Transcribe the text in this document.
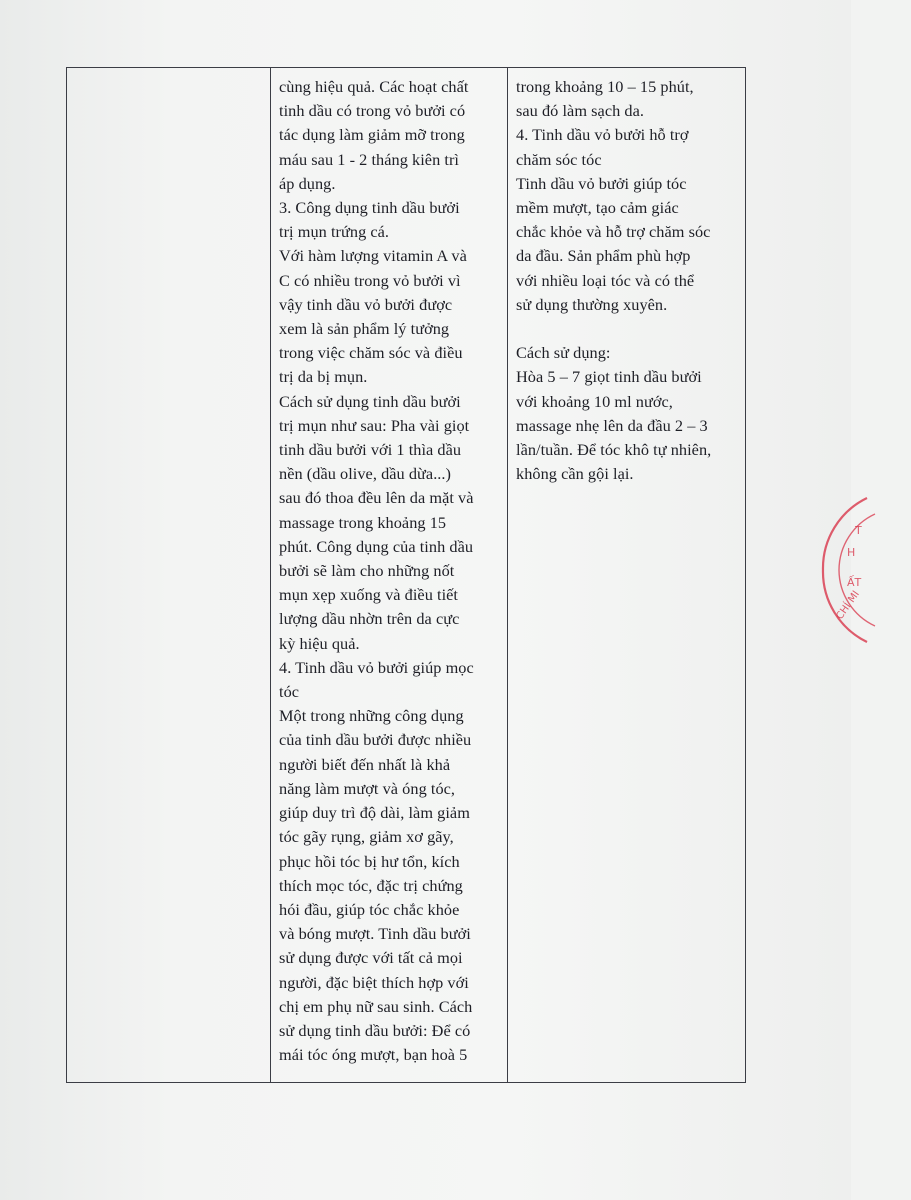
cùng hiệu quả. Các hoạt chất
tinh dầu có trong vỏ bưởi có
tác dụng làm giảm mỡ trong
máu sau 1 - 2 tháng kiên trì
áp dụng.
3. Công dụng tinh dầu bưởi
trị mụn trứng cá.
Với hàm lượng vitamin A và
C có nhiều trong vỏ bưởi vì
vậy tinh dầu vỏ bưởi được
xem là sản phẩm lý tưởng
trong việc chăm sóc và điều
trị da bị mụn.
Cách sử dụng tinh dầu bưởi
trị mụn như sau: Pha vài giọt
tinh dầu bưởi với 1 thìa dầu
nền (dầu olive, dầu dừa...)
sau đó thoa đều lên da mặt và
massage trong khoảng 15
phút. Công dụng của tinh dầu
bưởi sẽ làm cho những nốt
mụn xẹp xuống và điều tiết
lượng dầu nhờn trên da cực
kỳ hiệu quả.
4. Tinh dầu vỏ bưởi giúp mọc
tóc
Một trong những công dụng
của tinh dầu bưởi được nhiều
người biết đến nhất là khả
năng làm mượt và óng tóc,
giúp duy trì độ dài, làm giảm
tóc gãy rụng, giảm xơ gãy,
phục hồi tóc bị hư tổn, kích
thích mọc tóc, đặc trị chứng
hói đầu, giúp tóc chắc khỏe
và bóng mượt. Tinh dầu bưởi
sử dụng được với tất cả mọi
người, đặc biệt thích hợp với
chị em phụ nữ sau sinh. Cách
sử dụng tinh dầu bưởi: Để có
mái tóc óng mượt, bạn hoà 5
trong khoảng 10 – 15 phút,
sau đó làm sạch da.
4. Tinh dầu vỏ bưởi hỗ trợ
chăm sóc tóc
Tinh dầu vỏ bưởi giúp tóc
mềm mượt, tạo cảm giác
chắc khỏe và hỗ trợ chăm sóc
da đầu. Sản phẩm phù hợp
với nhiều loại tóc và có thể
sử dụng thường xuyên.
Cách sử dụng:
Hòa 5 – 7 giọt tinh dầu bưởi
với khoảng 10 ml nước,
massage nhẹ lên da đầu 2 – 3
lần/tuần. Để tóc khô tự nhiên,
không cần gội lại.
T
H
ẤT
CHÍ MI
